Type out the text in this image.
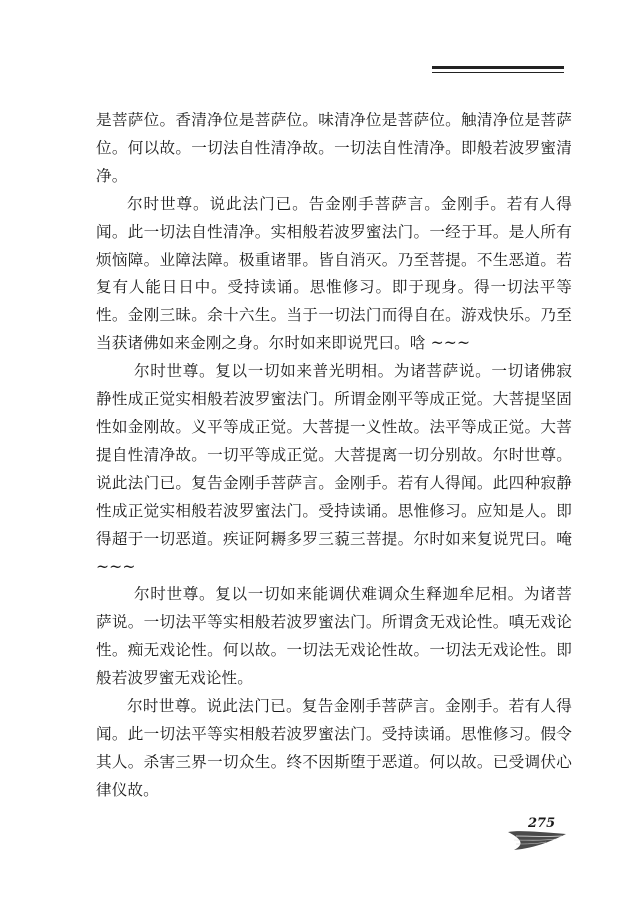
是菩萨位。香清净位是菩萨位。味清净位是菩萨位。触清净位是菩萨位。何以故。一切法自性清净故。一切法自性清净。即般若波罗蜜清净。

尔时世尊。说此法门已。告金刚手菩萨言。金刚手。若有人得闻。此一切法自性清净。实相般若波罗蜜法门。一经于耳。是人所有烦恼障。业障法障。极重诸罪。皆自消灭。乃至菩提。不生恶道。若复有人能日日中。受持读诵。思惟修习。即于现身。得一切法平等性。金刚三昧。余十六生。当于一切法门而得自在。游戏快乐。乃至当获诸佛如来金刚之身。尔时如来即说咒曰。唅 ~~~

尔时世尊。复以一切如来普光明相。为诸菩萨说。一切诸佛寂静性成正觉实相般若波罗蜜法门。所谓金刚平等成正觉。大菩提坚固性如金刚故。义平等成正觉。大菩提一义性故。法平等成正觉。大菩提自性清净故。一切平等成正觉。大菩提离一切分别故。尔时世尊。说此法门已。复告金刚手菩萨言。金刚手。若有人得闻。此四种寂静性成正觉实相般若波罗蜜法门。受持读诵。思惟修习。应知是人。即得超于一切恶道。疾证阿耨多罗三藐三菩提。尔时如来复说咒曰。唵 ~~~

尔时世尊。复以一切如来能调伏难调众生释迦牟尼相。为诸菩萨说。一切法平等实相般若波罗蜜法门。所谓贪无戏论性。嗔无戏论性。痴无戏论性。何以故。一切法无戏论性故。一切法无戏论性。即般若波罗蜜无戏论性。

尔时世尊。说此法门已。复告金刚手菩萨言。金刚手。若有人得闻。此一切法平等实相般若波罗蜜法门。受持读诵。思惟修习。假令其人。杀害三界一切众生。终不因斯堕于恶道。何以故。已受调伏心律仪故。

275
